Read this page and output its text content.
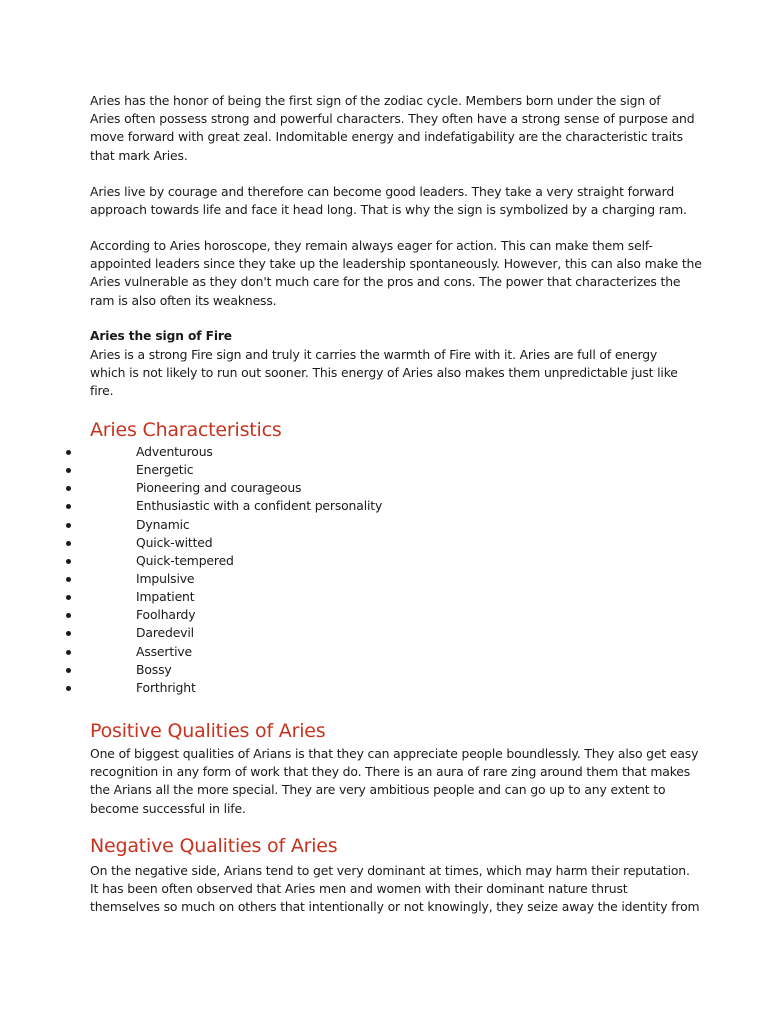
Aries has the honor of being the first sign of the zodiac cycle. Members born under the sign of
Aries often possess strong and powerful characters. They often have a strong sense of purpose and
move forward with great zeal. Indomitable energy and indefatigability are the characteristic traits
that mark Aries.
Aries live by courage and therefore can become good leaders. They take a very straight forward
approach towards life and face it head long. That is why the sign is symbolized by a charging ram.
According to Aries horoscope, they remain always eager for action. This can make them self-
appointed leaders since they take up the leadership spontaneously. However, this can also make the
Aries vulnerable as they don't much care for the pros and cons. The power that characterizes the
ram is also often its weakness.
Aries the sign of Fire
Aries is a strong Fire sign and truly it carries the warmth of Fire with it. Aries are full of energy
which is not likely to run out sooner. This energy of Aries also makes them unpredictable just like
fire.
Aries Characteristics
Adventurous
Energetic
Pioneering and courageous
Enthusiastic with a confident personality
Dynamic
Quick-witted
Quick-tempered
Impulsive
Impatient
Foolhardy
Daredevil
Assertive
Bossy
Forthright
Positive Qualities of Aries
One of biggest qualities of Arians is that they can appreciate people boundlessly. They also get easy
recognition in any form of work that they do. There is an aura of rare zing around them that makes
the Arians all the more special. They are very ambitious people and can go up to any extent to
become successful in life.
Negative Qualities of Aries
On the negative side, Arians tend to get very dominant at times, which may harm their reputation.
It has been often observed that Aries men and women with their dominant nature thrust
themselves so much on others that intentionally or not knowingly, they seize away the identity from
